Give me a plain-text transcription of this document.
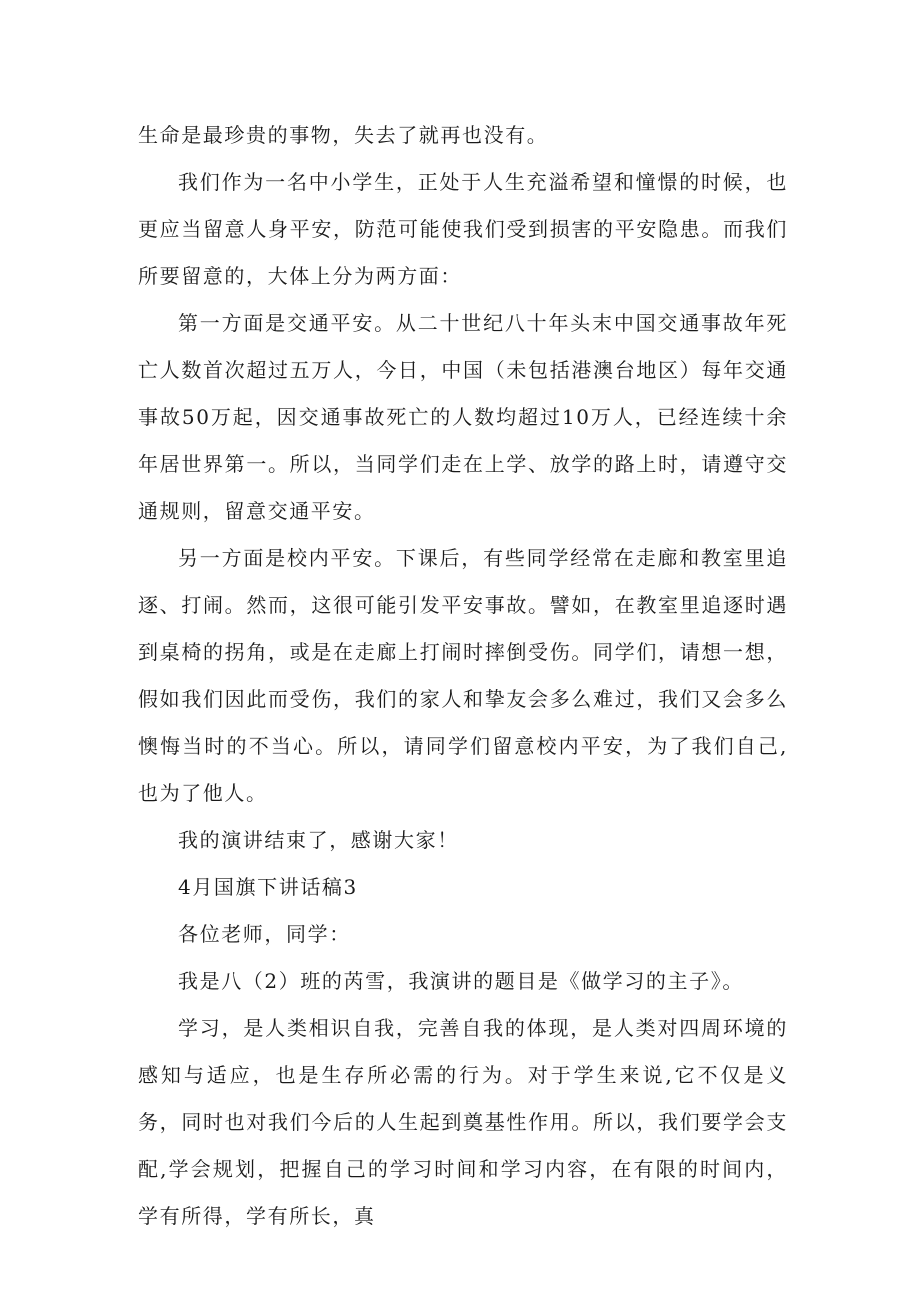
生命是最珍贵的事物，失去了就再也没有。

我们作为一名中小学生，正处于人生充溢希望和憧憬的时候，也更应当留意人身平安，防范可能使我们受到损害的平安隐患。而我们所要留意的，大体上分为两方面：

第一方面是交通平安。从二十世纪八十年头末中国交通事故年死亡人数首次超过五万人，今日，中国（未包括港澳台地区）每年交通事故50万起，因交通事故死亡的人数均超过10万人，已经连续十余年居世界第一。所以，当同学们走在上学、放学的路上时，请遵守交通规则，留意交通平安。

另一方面是校内平安。下课后，有些同学经常在走廊和教室里追逐、打闹。然而，这很可能引发平安事故。譬如，在教室里追逐时遇到桌椅的拐角，或是在走廊上打闹时摔倒受伤。同学们，请想一想，假如我们因此而受伤，我们的家人和挚友会多么难过，我们又会多么懊悔当时的不当心。所以，请同学们留意校内平安，为了我们自己,也为了他人。

我的演讲结束了，感谢大家！

4月国旗下讲话稿3

各位老师，同学：

我是八（2）班的芮雪，我演讲的题目是《做学习的主子》。

学习，是人类相识自我，完善自我的体现，是人类对四周环境的感知与适应，也是生存所必需的行为。对于学生来说,它不仅是义务，同时也对我们今后的人生起到奠基性作用。所以，我们要学会支配,学会规划，把握自己的学习时间和学习内容，在有限的时间内，学有所得，学有所长，真
